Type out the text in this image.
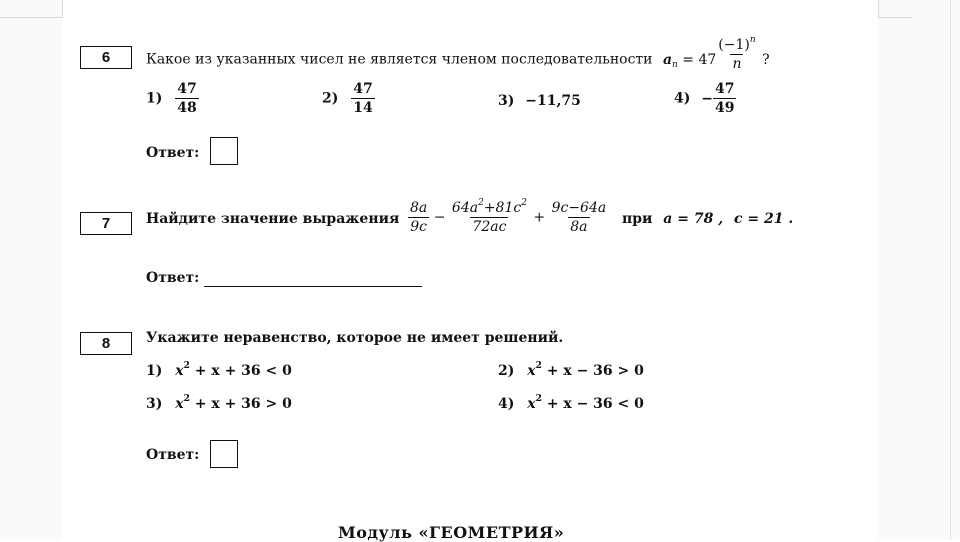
6	Какое из указанных чисел не является членом последовательности $a_n = 47 \frac{(-1)^n}{n}$ ?
$1) \frac{47}{48}$	$2) \frac{47}{14}$	3) −11,75	$4) - \frac{47}{49}$
Ответ:
7	Найдите значение выражения $\frac{8a}{9c} - \frac{64a^2+81c^2}{72ac} + \frac{9c-64a}{8a}$ при a = 78 , c = 21 .
Ответ:
8	Укажите неравенство, которое не имеет решений.
1) $x^2 + x + 36 < 0$	2) $x^2 + x - 36 > 0$
3) $x^2 + x + 36 > 0$	4) $x^2 + x - 36 < 0$
Ответ:
Модуль «ГЕОМЕТРИЯ»
